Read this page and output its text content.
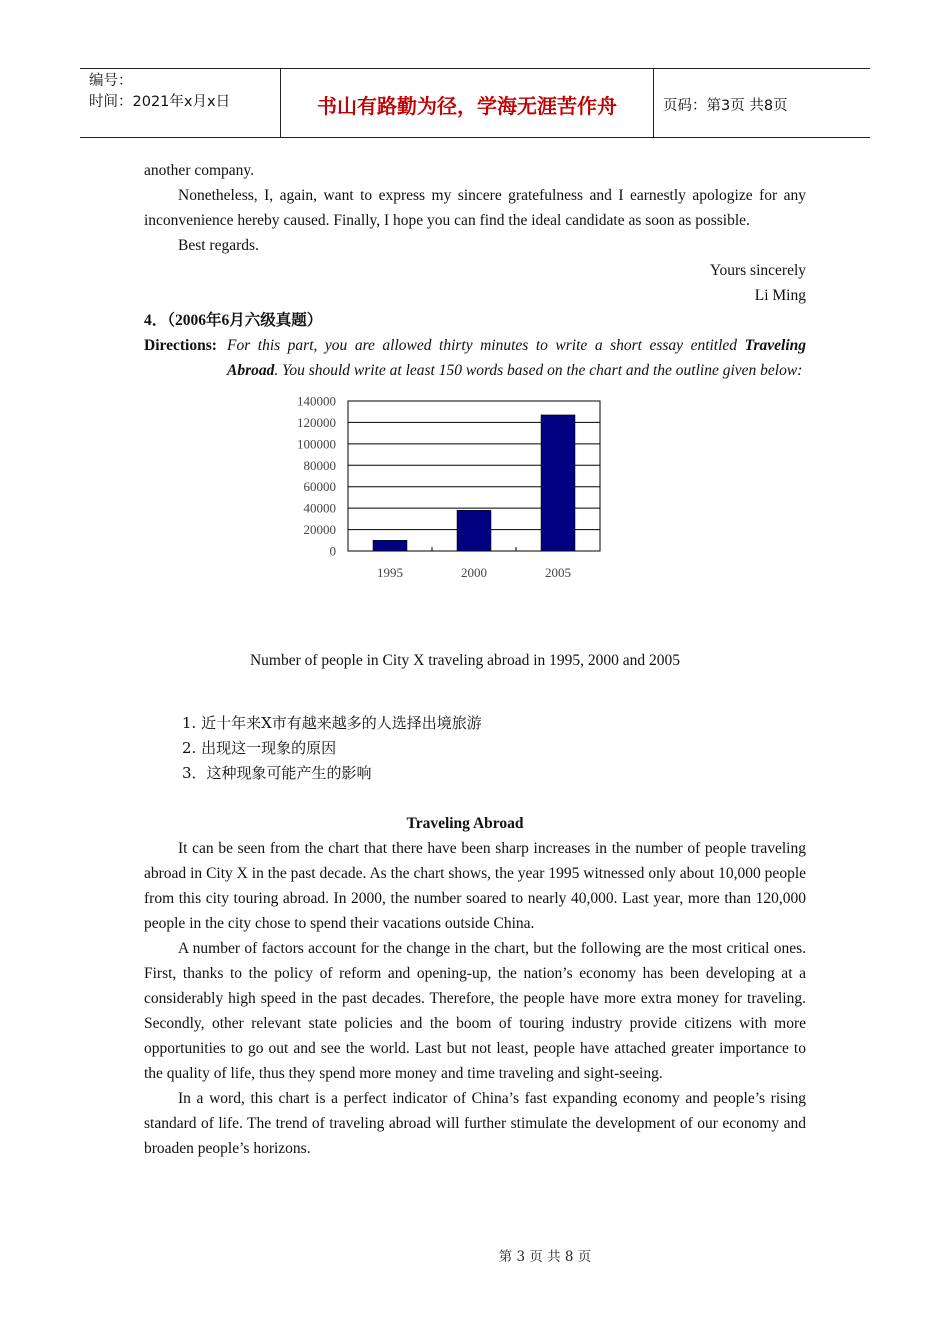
编号：
时间：2021年x月x日	书山有路勤为径，学海无涯苦作舟	页码：第3页 共8页

another company.

Nonetheless, I, again, want to express my sincere gratefulness and I earnestly apologize for any inconvenience hereby caused. Finally, I hope you can find the ideal candidate as soon as possible.

Best regards.

Yours sincerely

Li Ming

4．（2006年6月六级真题）

Directions: For this part, you are allowed thirty minutes to write a short essay entitled Traveling Abroad. You should write at least 150 words based on the chart and the outline given below:
0
20000
40000
60000
80000
100000
120000
140000
1995	2000	2005

Number of people in City X traveling abroad in 1995, 2000 and 2005

1. 近十年来X市有越来越多的人选择出境旅游
2. 出现这一现象的原因
3．这种现象可能产生的影响

Traveling Abroad

It can be seen from the chart that there have been sharp increases in the number of people traveling abroad in City X in the past decade. As the chart shows, the year 1995 witnessed only about 10,000 people from this city touring abroad. In 2000, the number soared to nearly 40,000. Last year, more than 120,000 people in the city chose to spend their vacations outside China.

A number of factors account for the change in the chart, but the following are the most critical ones. First, thanks to the policy of reform and opening-up, the nation’s economy has been developing at a considerably high speed in the past decades. Therefore, the people have more extra money for traveling. Secondly, other relevant state policies and the boom of touring industry provide citizens with more opportunities to go out and see the world. Last but not least, people have attached greater importance to the quality of life, thus they spend more money and time traveling and sight-seeing.

In a word, this chart is a perfect indicator of China’s fast expanding economy and people’s rising standard of life. The trend of traveling abroad will further stimulate the development of our economy and broaden people’s horizons.

第 3 页 共 8 页
